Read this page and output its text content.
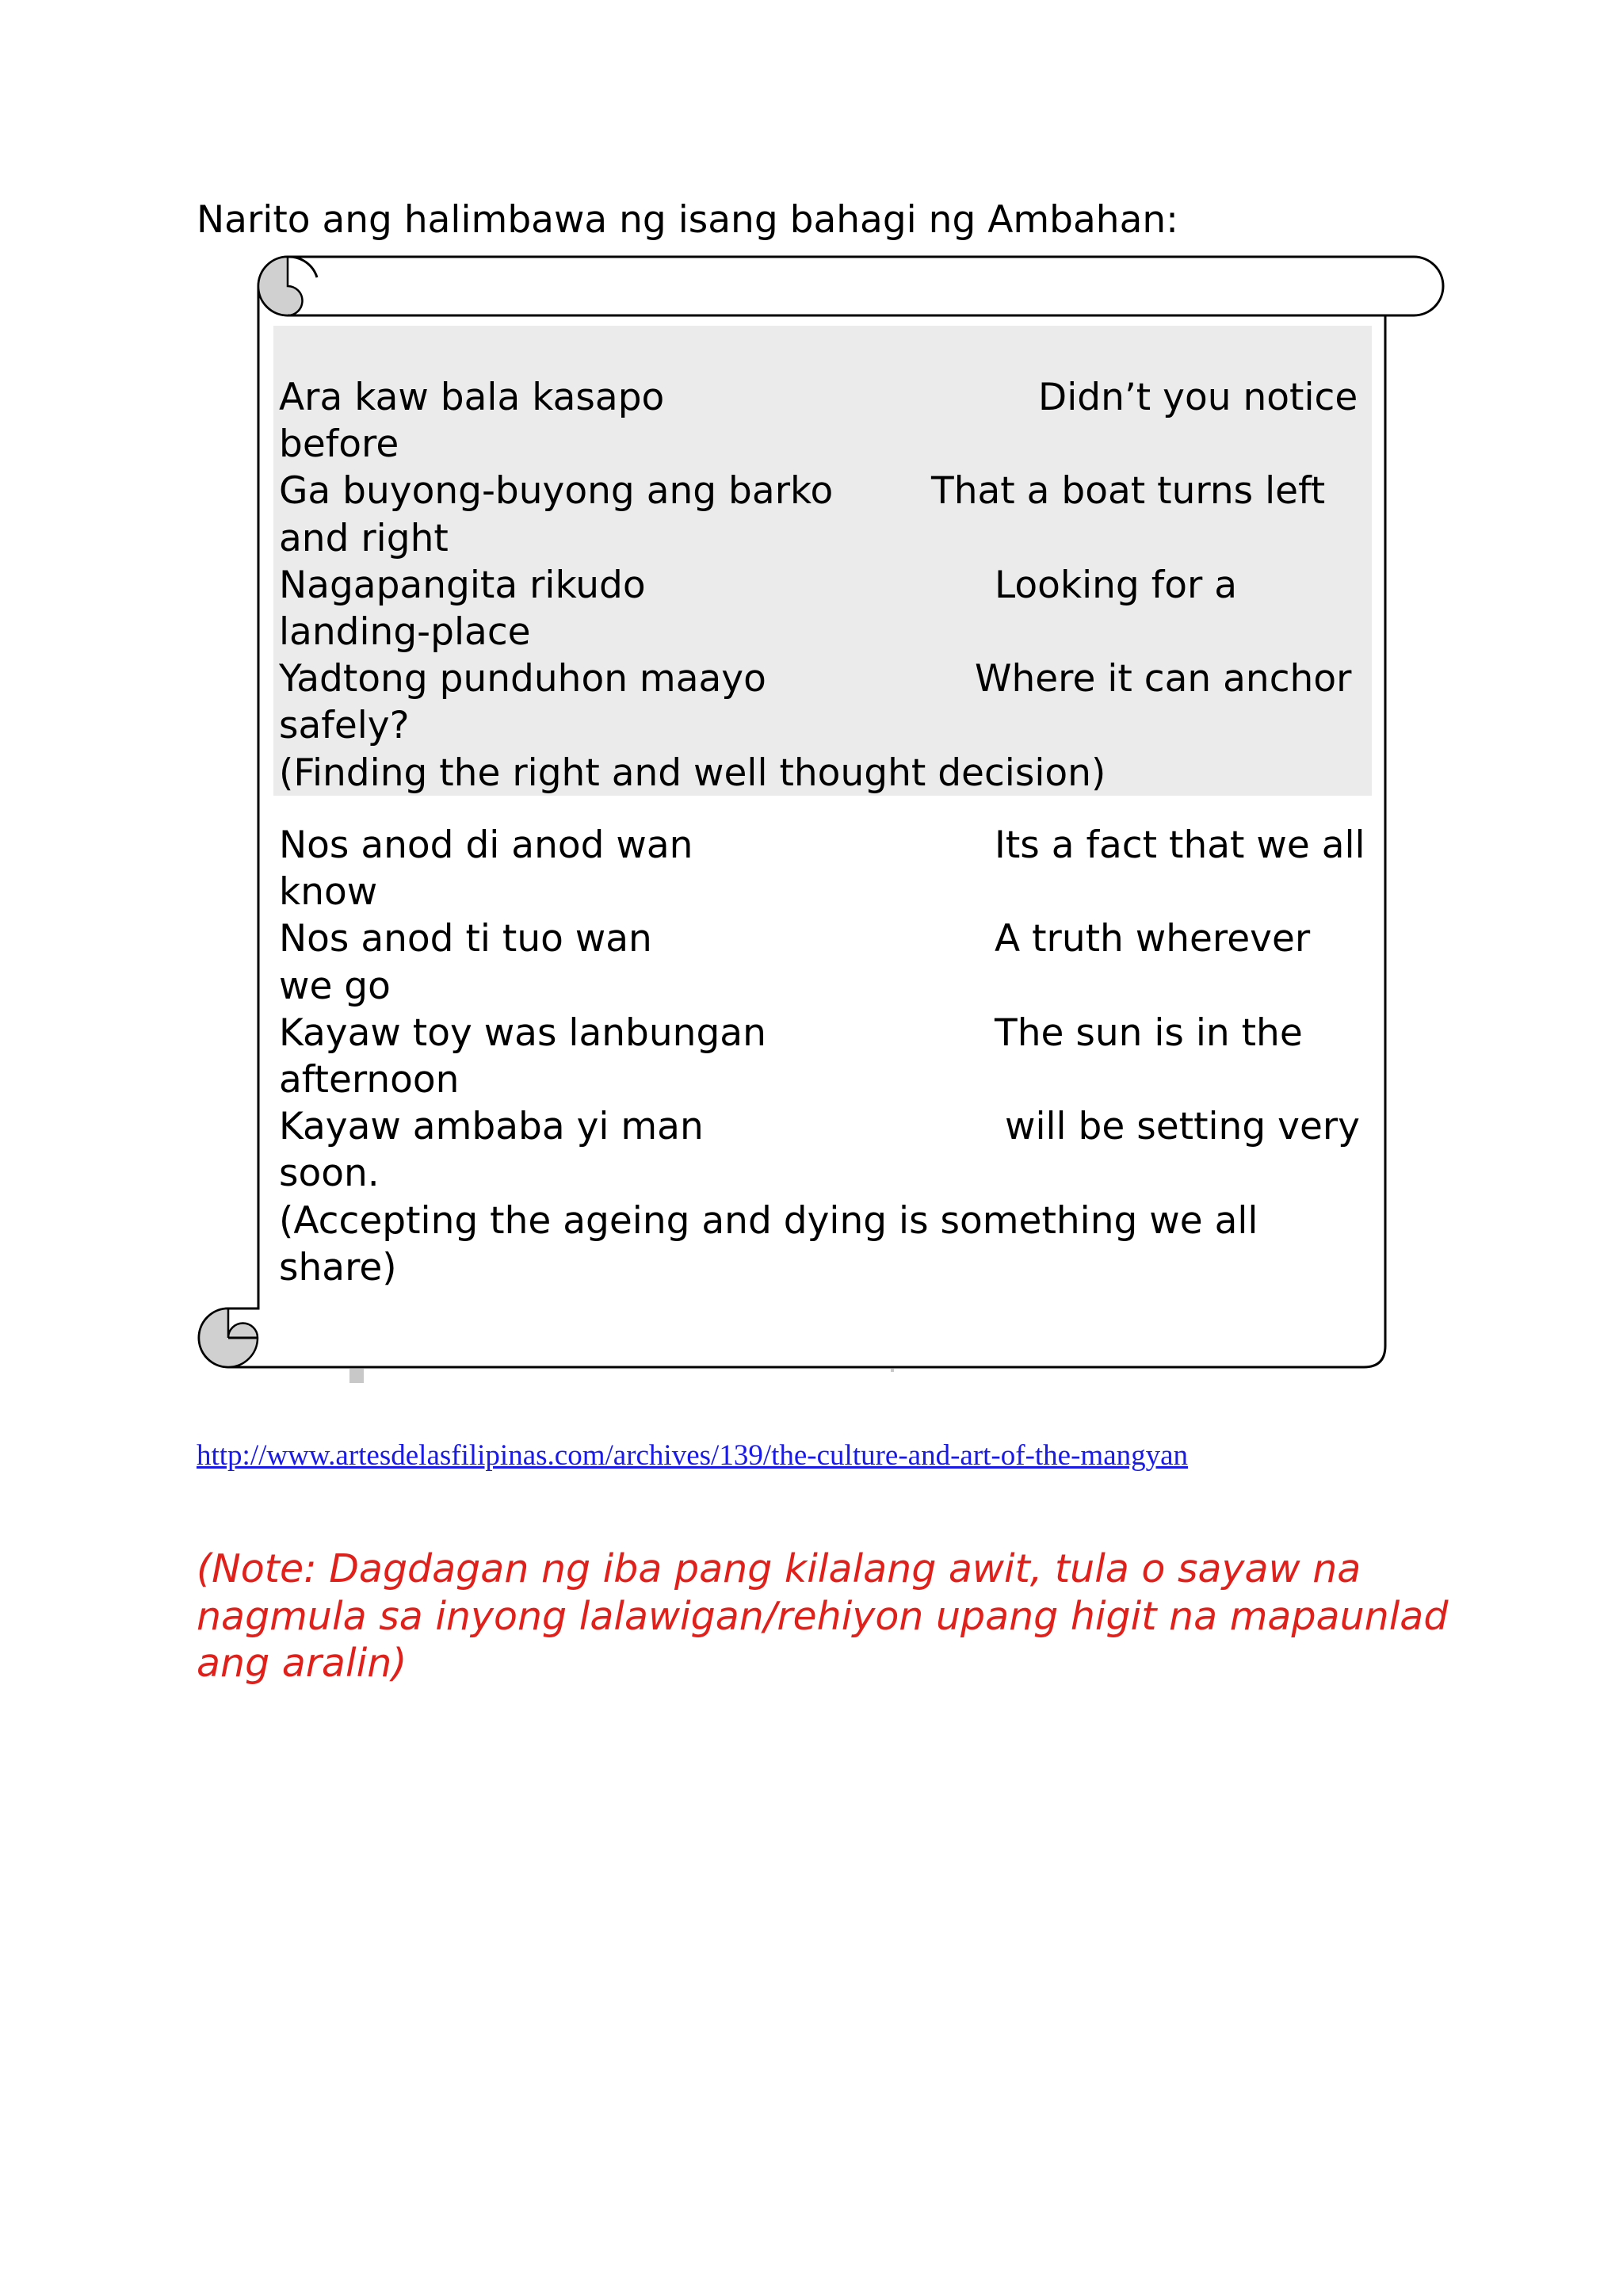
Narito ang halimbawa ng isang bahagi ng Ambahan:
Ara kaw bala kasapo	Didn’t you notice
before
Ga buyong-buyong ang barko	That a boat turns left
and right
Nagapangita rikudo	Looking for a
landing-place
Yadtong punduhon maayo	Where it can anchor
safely?
(Finding the right and well thought decision)
Nos anod di anod wan	Its a fact that we all
know
Nos anod ti tuo wan	A truth wherever
we go
Kayaw toy was lanbungan	The sun is in the
afternoon
Kayaw ambaba yi man	will be setting very
soon.
(Accepting the ageing and dying is something we all
share)
http://www.artesdelasfilipinas.com/archives/139/the-culture-and-art-of-the-mangyan
(Note: Dagdagan ng iba pang kilalang awit, tula o sayaw na
nagmula sa inyong lalawigan/rehiyon upang higit na mapaunlad
ang aralin)
